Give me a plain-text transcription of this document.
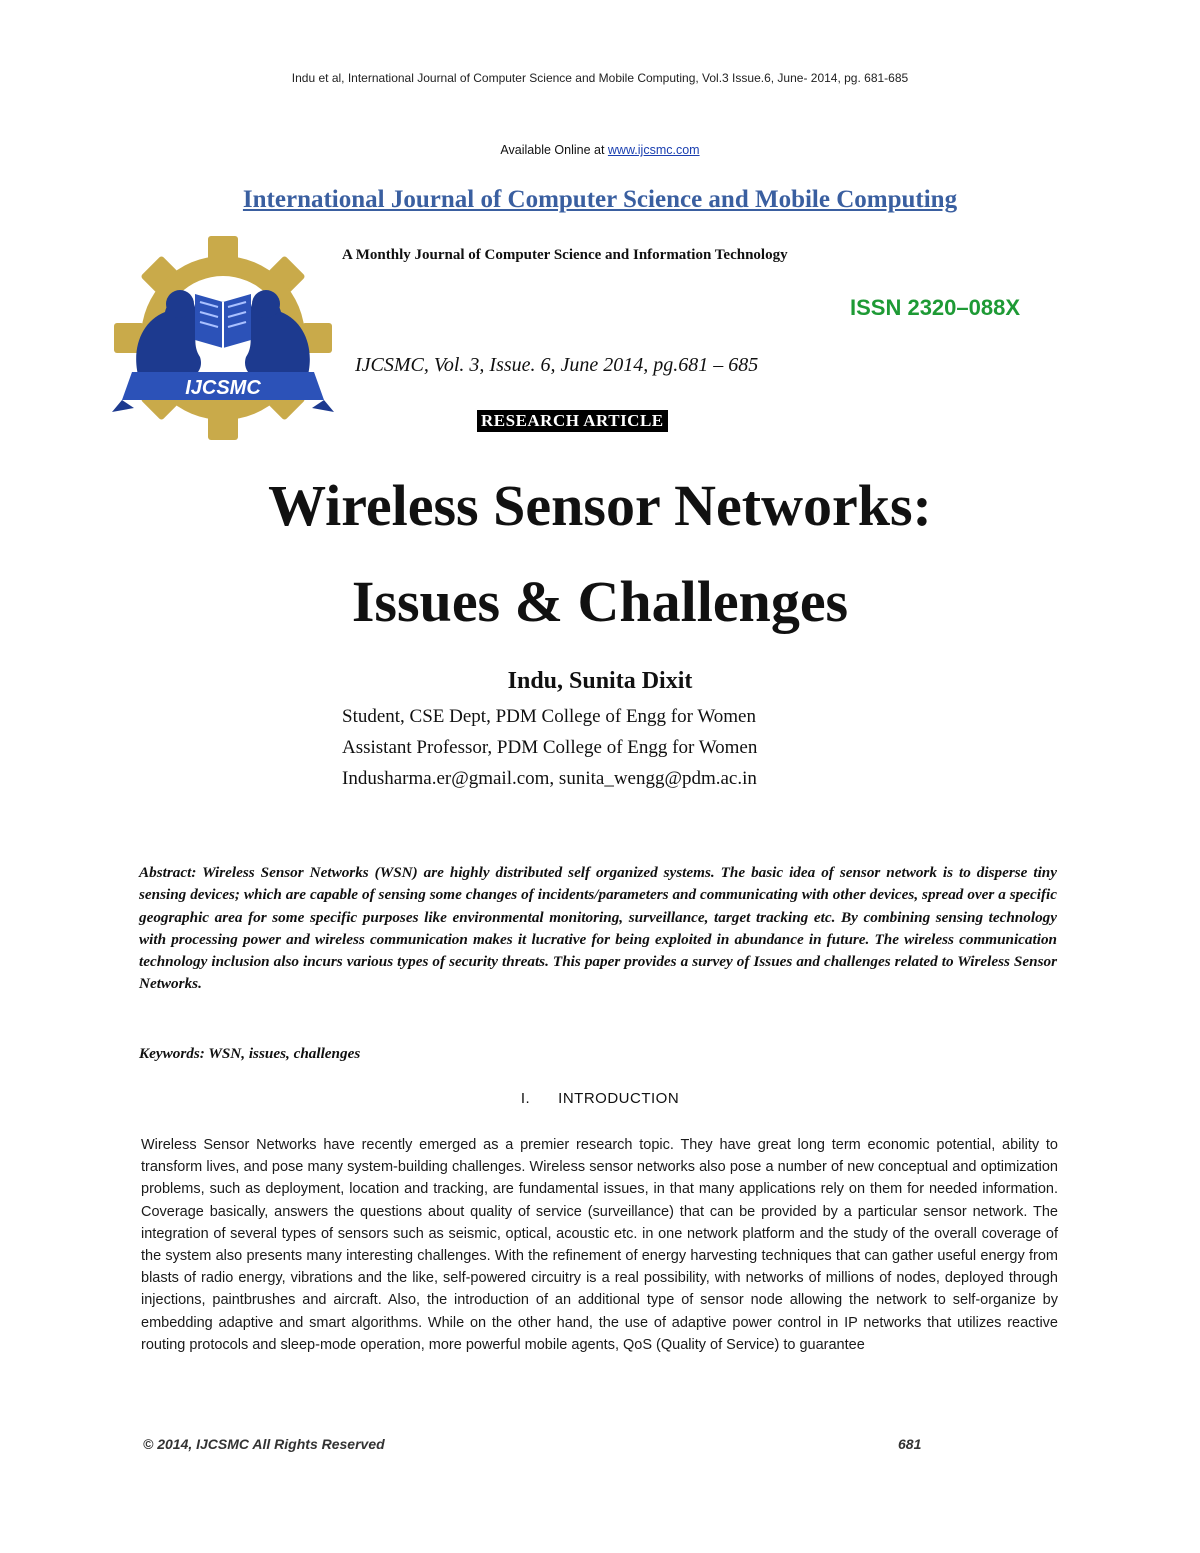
Indu et al, International Journal of Computer Science and Mobile Computing, Vol.3 Issue.6, June- 2014, pg. 681-685
Available Online at www.ijcsmc.com
International Journal of Computer Science and Mobile Computing
IJCSMC
A Monthly Journal of Computer Science and Information Technology
ISSN 2320–088X
IJCSMC, Vol. 3, Issue. 6, June 2014, pg.681 – 685
RESEARCH ARTICLE
Wireless Sensor Networks:
Issues & Challenges
Indu, Sunita Dixit
Student, CSE Dept, PDM College of Engg for Women
Assistant Professor, PDM College of Engg for Women
Indusharma.er@gmail.com, sunita_wengg@pdm.ac.in
Abstract: Wireless Sensor Networks (WSN) are highly distributed self organized systems. The basic idea of sensor network is to disperse tiny sensing devices; which are capable of sensing some changes of incidents/parameters and communicating with other devices, spread over a specific geographic area for some specific purposes like environmental monitoring, surveillance, target tracking etc. By combining sensing technology with processing power and wireless communication makes it lucrative for being exploited in abundance in future. The wireless communication technology inclusion also incurs various types of security threats. This paper provides a survey of Issues and challenges related to Wireless Sensor Networks.
Keywords: WSN, issues, challenges
I.      INTRODUCTION
Wireless Sensor Networks have recently emerged as a premier research topic. They have great long term economic potential, ability to transform lives, and pose many system-building challenges. Wireless sensor networks also pose a number of new conceptual and optimization problems, such as deployment, location and tracking, are fundamental issues, in that many applications rely on them for needed information. Coverage basically, answers the questions about quality of service (surveillance) that can be provided by a particular sensor network. The integration of several types of sensors such as seismic, optical, acoustic etc. in one network platform and the study of the overall coverage of the system also presents many interesting challenges. With the refinement of energy harvesting techniques that can gather useful energy from blasts of radio energy, vibrations and the like, self-powered circuitry is a real possibility, with networks of millions of nodes, deployed through injections, paintbrushes and aircraft. Also, the introduction of an additional type of sensor node allowing the network to self-organize by embedding adaptive and smart algorithms. While on the other hand, the use of adaptive power control in IP networks that utilizes reactive routing protocols and sleep-mode operation, more powerful mobile agents, QoS (Quality of Service) to guarantee
© 2014, IJCSMC All Rights Reserved	681
